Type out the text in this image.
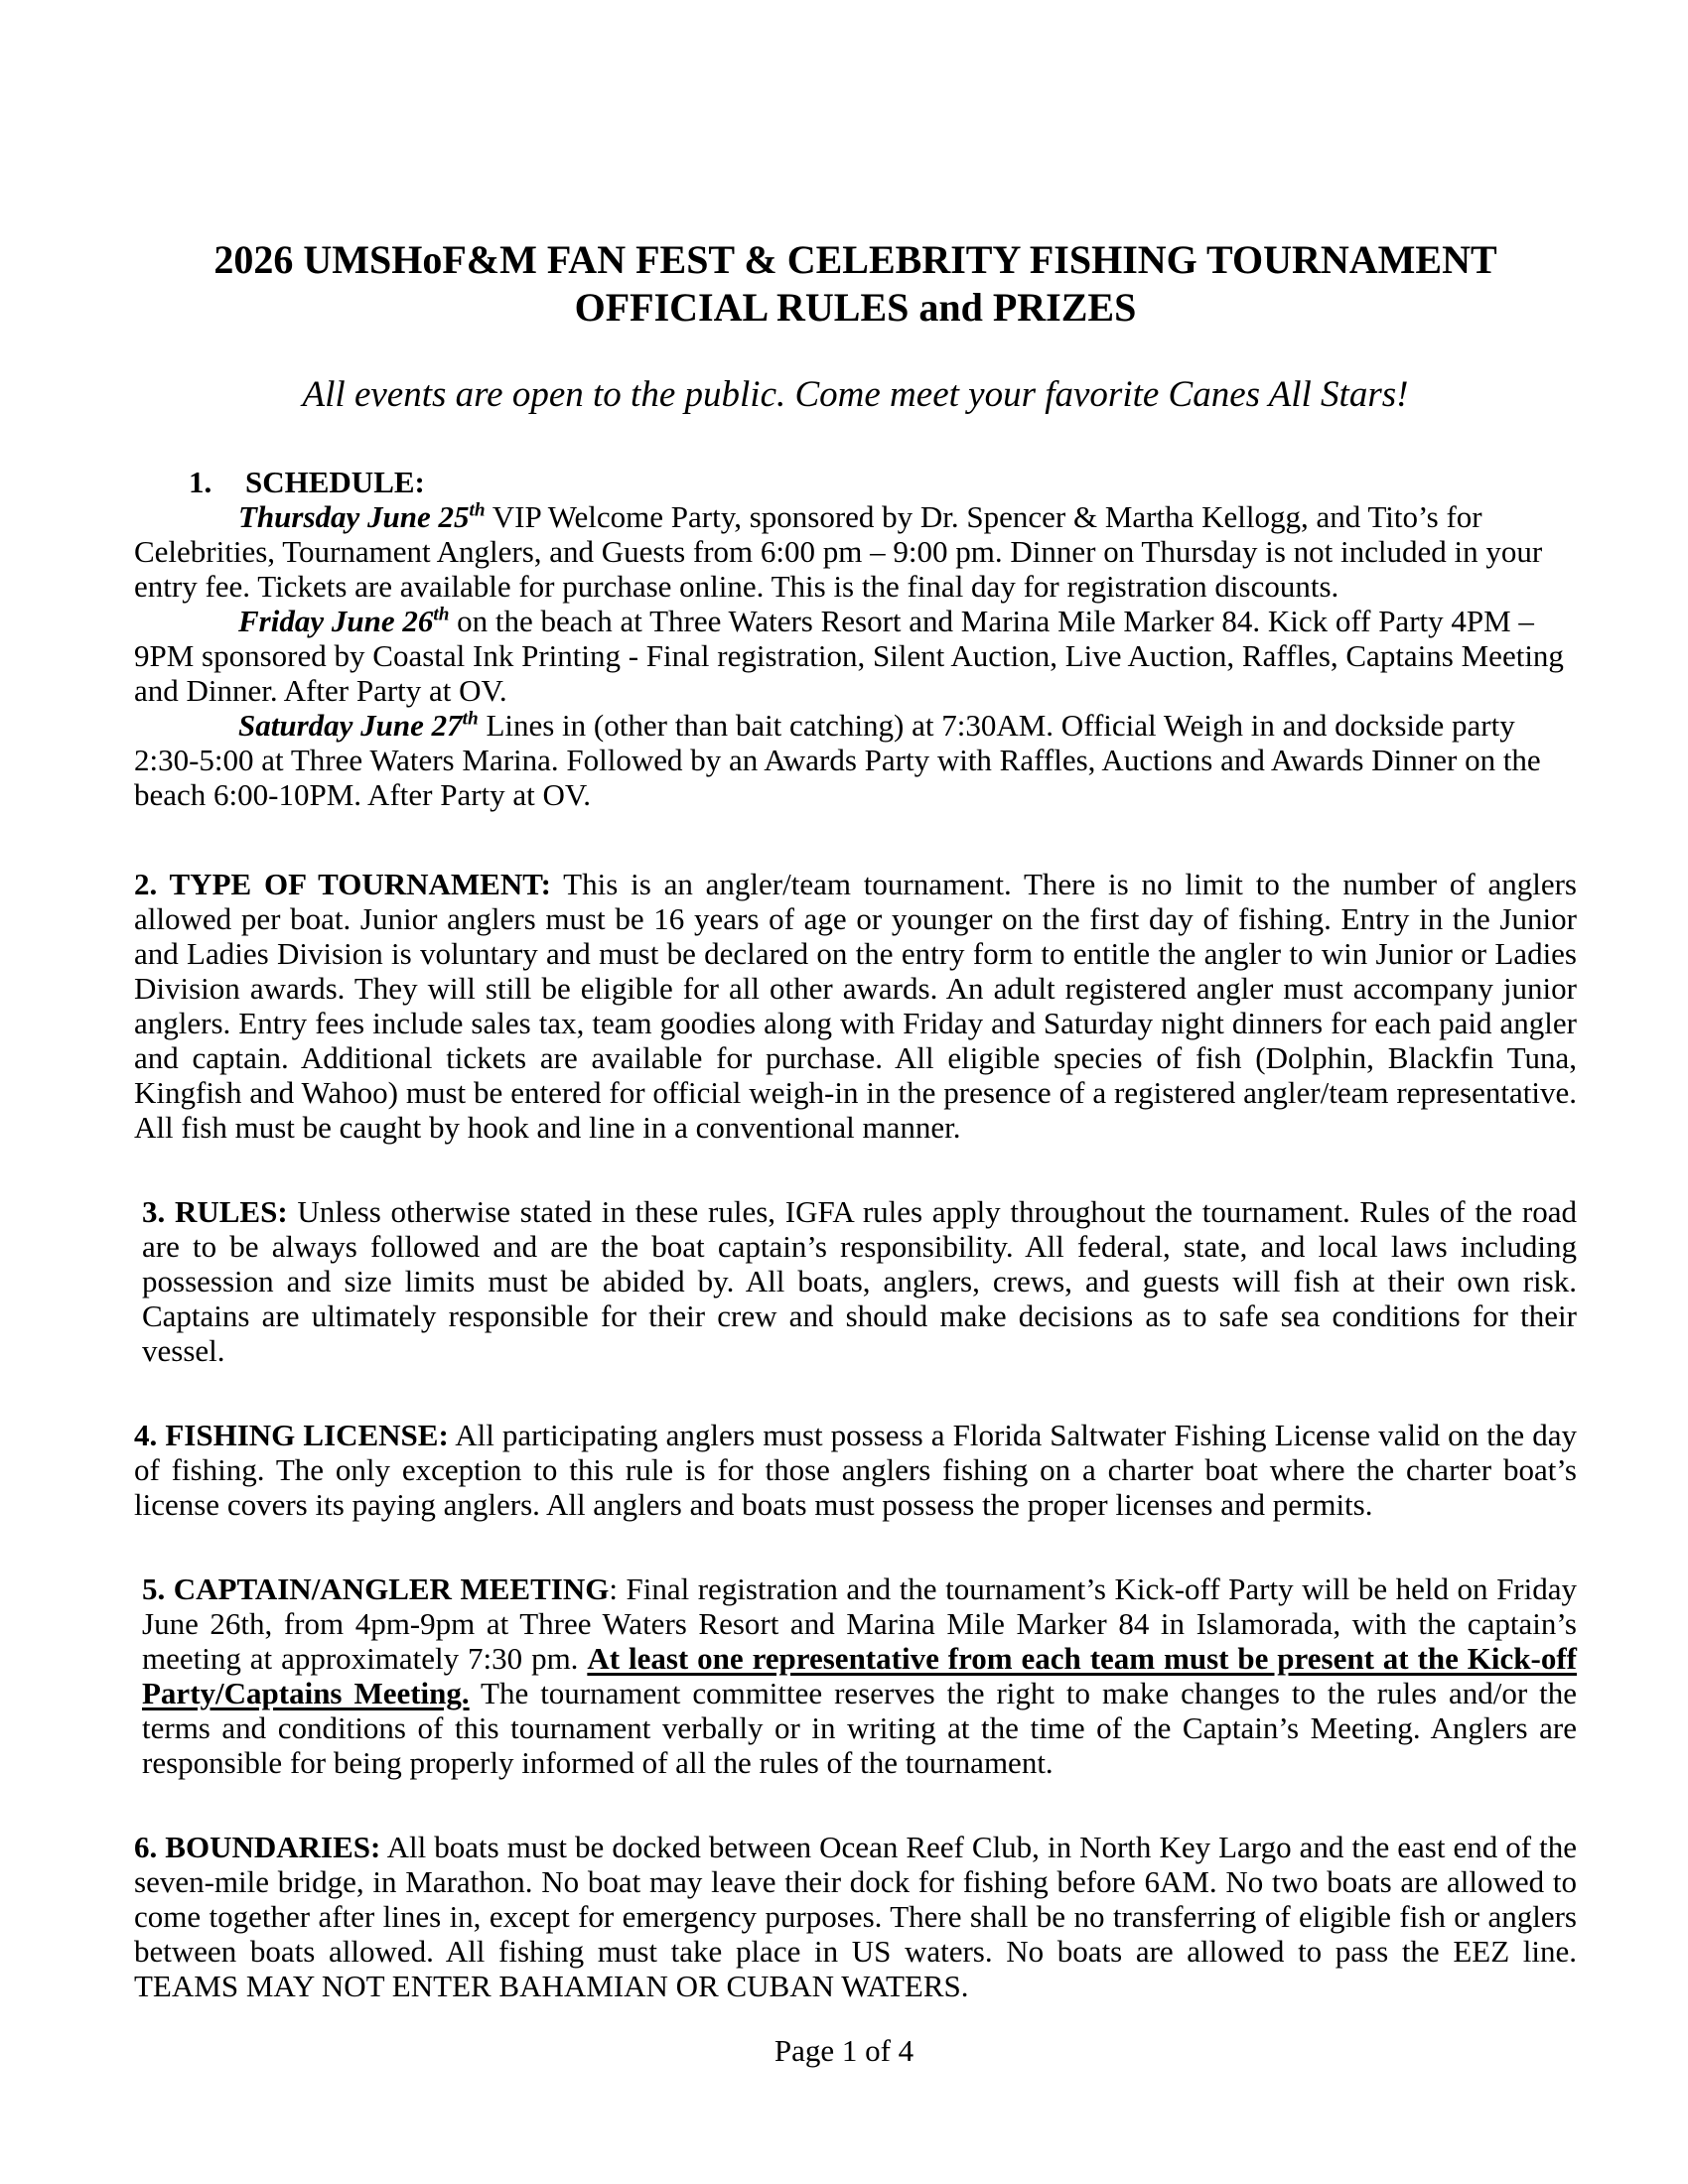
2026 UMSHoF&M FAN FEST & CELEBRITY FISHING TOURNAMENT
OFFICIAL RULES and PRIZES
All events are open to the public. Come meet your favorite Canes All Stars!
1. SCHEDULE:

Thursday June 25th VIP Welcome Party, sponsored by Dr. Spencer & Martha Kellogg, and Tito’s for Celebrities, Tournament Anglers, and Guests from 6:00 pm – 9:00 pm. Dinner on Thursday is not included in your entry fee. Tickets are available for purchase online. This is the final day for registration discounts.

Friday June 26th on the beach at Three Waters Resort and Marina Mile Marker 84. Kick off Party 4PM – 9PM sponsored by Coastal Ink Printing - Final registration, Silent Auction, Live Auction, Raffles, Captains Meeting and Dinner. After Party at OV.

Saturday June 27th Lines in (other than bait catching) at 7:30AM. Official Weigh in and dockside party 2:30-5:00 at Three Waters Marina. Followed by an Awards Party with Raffles, Auctions and Awards Dinner on the beach 6:00-10PM. After Party at OV.

2. TYPE OF TOURNAMENT: This is an angler/team tournament. There is no limit to the number of anglers allowed per boat. Junior anglers must be 16 years of age or younger on the first day of fishing. Entry in the Junior and Ladies Division is voluntary and must be declared on the entry form to entitle the angler to win Junior or Ladies Division awards. They will still be eligible for all other awards. An adult registered angler must accompany junior anglers. Entry fees include sales tax, team goodies along with Friday and Saturday night dinners for each paid angler and captain. Additional tickets are available for purchase. All eligible species of fish (Dolphin, Blackfin Tuna, Kingfish and Wahoo) must be entered for official weigh-in in the presence of a registered angler/team representative. All fish must be caught by hook and line in a conventional manner.

3. RULES: Unless otherwise stated in these rules, IGFA rules apply throughout the tournament. Rules of the road are to be always followed and are the boat captain’s responsibility. All federal, state, and local laws including possession and size limits must be abided by. All boats, anglers, crews, and guests will fish at their own risk. Captains are ultimately responsible for their crew and should make decisions as to safe sea conditions for their vessel.

4. FISHING LICENSE: All participating anglers must possess a Florida Saltwater Fishing License valid on the day of fishing. The only exception to this rule is for those anglers fishing on a charter boat where the charter boat’s license covers its paying anglers. All anglers and boats must possess the proper licenses and permits.

5. CAPTAIN/ANGLER MEETING: Final registration and the tournament’s Kick-off Party will be held on Friday June 26th, from 4pm-9pm at Three Waters Resort and Marina Mile Marker 84 in Islamorada, with the captain’s meeting at approximately 7:30 pm. At least one representative from each team must be present at the Kick-off Party/Captains Meeting. The tournament committee reserves the right to make changes to the rules and/or the terms and conditions of this tournament verbally or in writing at the time of the Captain’s Meeting. Anglers are responsible for being properly informed of all the rules of the tournament.

6. BOUNDARIES: All boats must be docked between Ocean Reef Club, in North Key Largo and the east end of the seven-mile bridge, in Marathon. No boat may leave their dock for fishing before 6AM. No two boats are allowed to come together after lines in, except for emergency purposes. There shall be no transferring of eligible fish or anglers between boats allowed. All fishing must take place in US waters. No boats are allowed to pass the EEZ line. TEAMS MAY NOT ENTER BAHAMIAN OR CUBAN WATERS.

Page 1 of 4
